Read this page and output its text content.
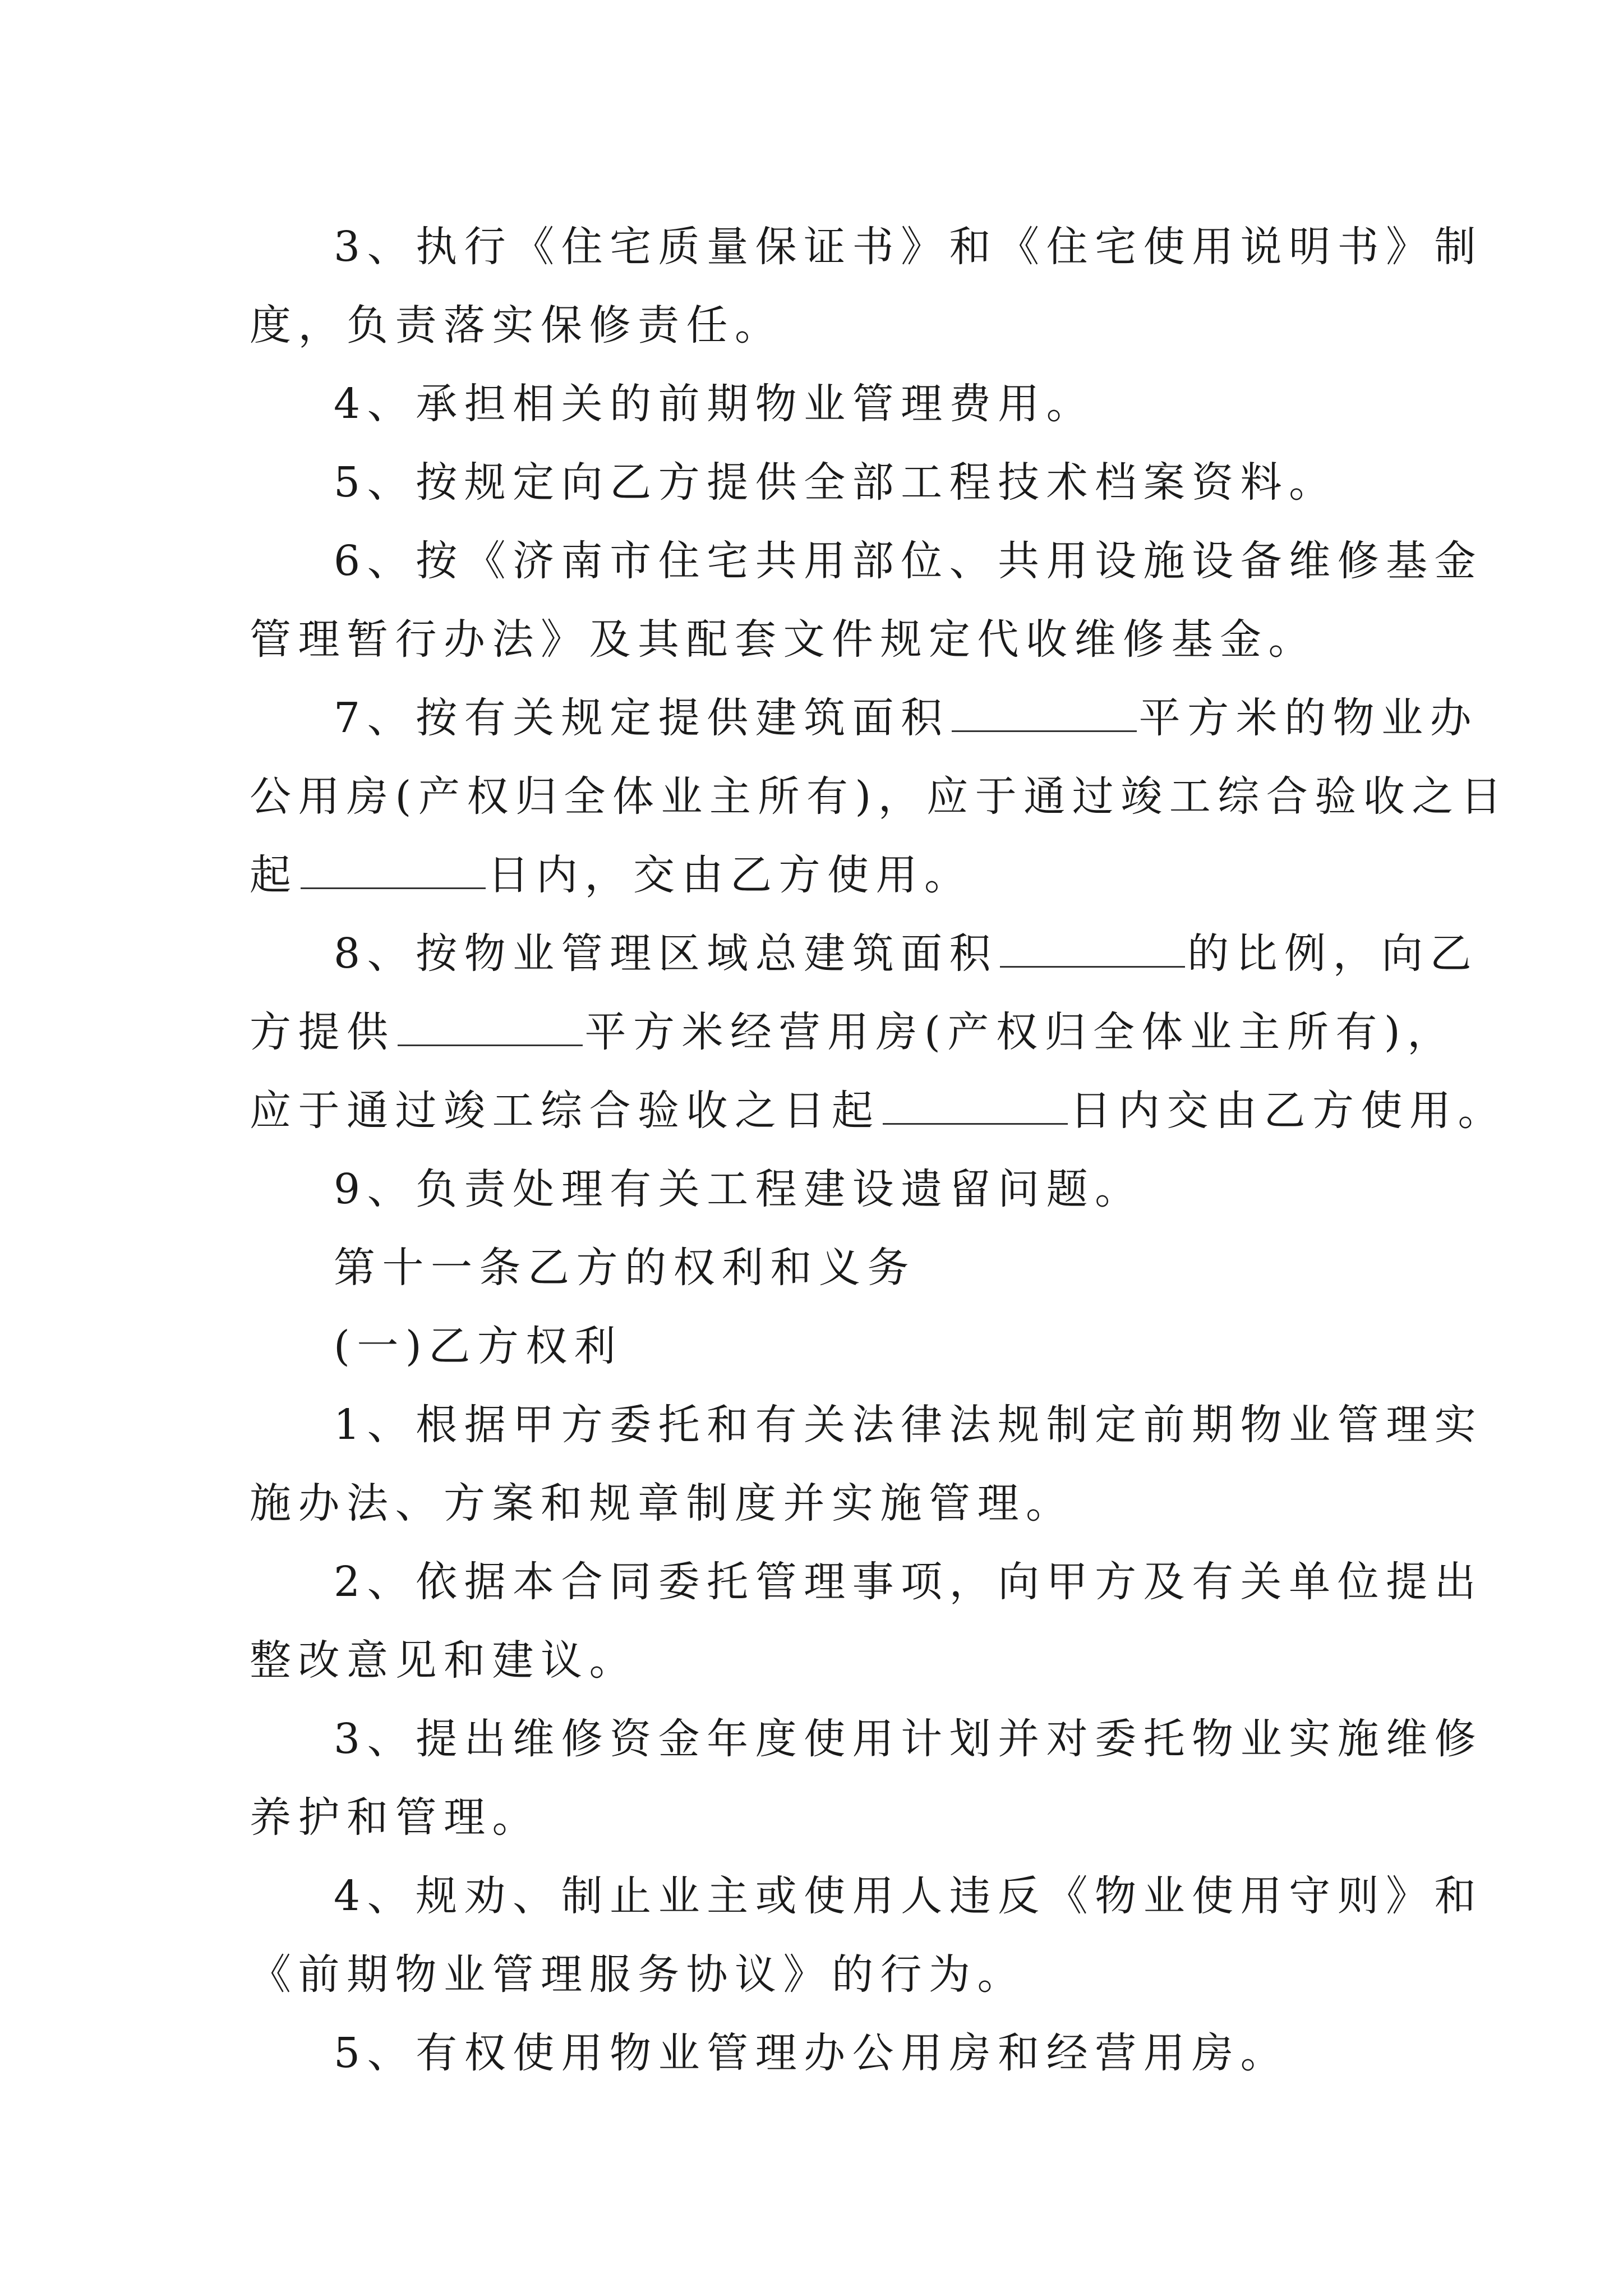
3、执行《住宅质量保证书》和《住宅使用说明书》制
度，负责落实保修责任。
4、承担相关的前期物业管理费用。
5、按规定向乙方提供全部工程技术档案资料。
6、按《济南市住宅共用部位、共用设施设备维修基金
管理暂行办法》及其配套文件规定代收维修基金。
7、按有关规定提供建筑面积	平方米的物业办
公用房(产权归全体业主所有)，应于通过竣工综合验收之日
起	日内，交由乙方使用。
8、按物业管理区域总建筑面积	的比例，向乙
方提供	平方米经营用房(产权归全体业主所有)，
应于通过竣工综合验收之日起	日内交由乙方使用。
9、负责处理有关工程建设遗留问题。
第十一条乙方的权利和义务
(一)乙方权利
1、根据甲方委托和有关法律法规制定前期物业管理实
施办法、方案和规章制度并实施管理。
2、依据本合同委托管理事项，向甲方及有关单位提出
整改意见和建议。
3、提出维修资金年度使用计划并对委托物业实施维修
养护和管理。
4、规劝、制止业主或使用人违反《物业使用守则》和
《前期物业管理服务协议》的行为。
5、有权使用物业管理办公用房和经营用房。
